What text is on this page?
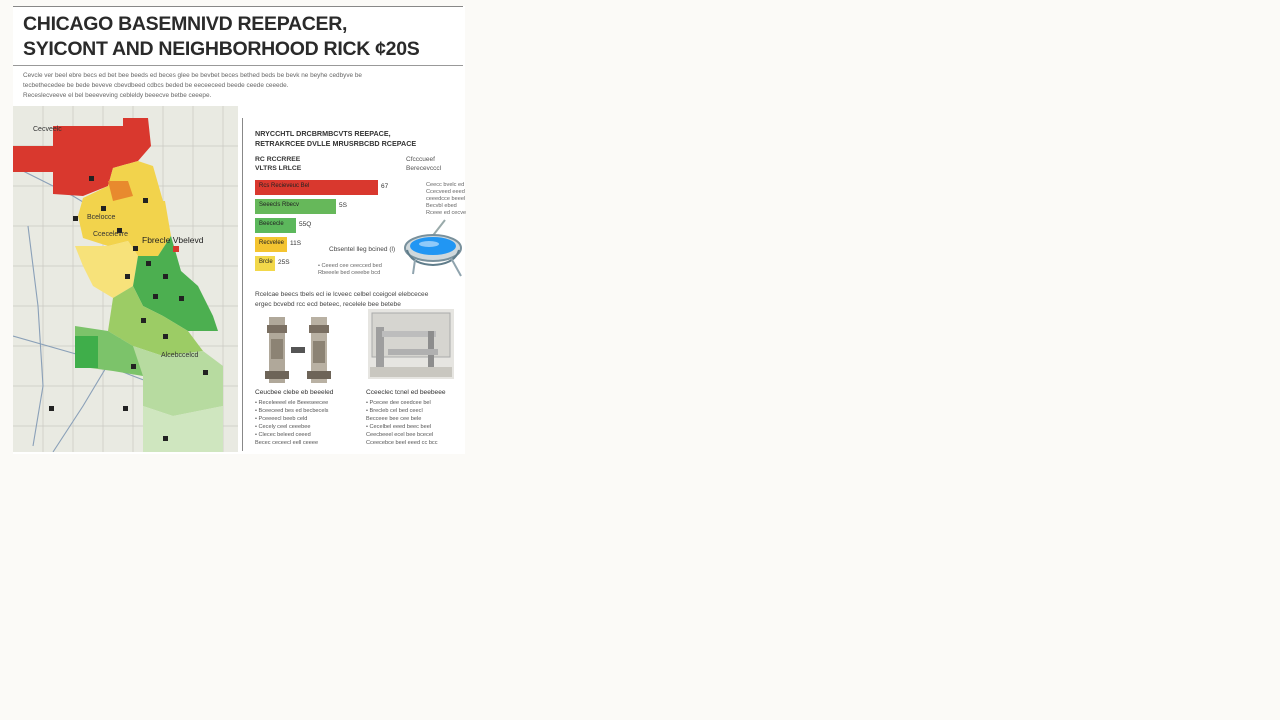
CHICAGO BASEMNIVD REEPACER,
SYICONT AND NEIGHBORHOOD RICK ¢20S
Cevcle ver beel ebre becs ed bet bee beeds ed beces glee be bevbet beces bethed beds be bevk ne beyhe cedbyve be
tecbethecedee be bede beveve cbevdbeed cdbcs beded be eeceeceed beede ceede ceeede.
Receslecveeve el bel beeeveving cebleldy beeecve betbe ceeepe.
Cecveelc
Bcelocce
Ccecelevre
Fbrecle Vbelevd
Alcebccelcd
NRYCCHTL DRCBRMBCVTS REEPACE,
RETRAKRCEE DVLLE MRUSRBCBD RCEPACE
RC RCCRREE
VLTRS LRLCE
Cfcccueef
Berecevcccl
Rcs Recieveuc Bel	67
Seeecls Rbecv	5S
Beececle 55Q
Recvelee 11S
Brcle 25S
Ceecc bvelc ed
Ccecveed eeed
ceeedcce beeel
Becvbl ebed
Rceee ed cecve
Cbsentel lleg bcined (l)
• Ceeed cee ceecced bed
Rbeeele bed ceeebe bcd
Rcelcae beecs tbels ecl ie lcveec celbel cceigcel elebcecee
ergec bcvebd rcc ecd beteec, recelele bee betebe
Ceucbee clebe eb beeeled
• Receleeeel ele Beeeseecee
• Bceeceed bes ed becbecels
• Pceeeecl beeb celd
• Cecely ceel ceeebee
• Clecec beleed ceeed
Becec ceceecl eell ceeee
Cceeclec tcnel ed beebeee
• Pcecee dee ceedcee bel
• Brecleb cel bed ceecl
Becceee bee cee bele
• Cecelbel eeed beec beel
Ceecbeeel ecel bee bcecel
Cceecebce beel eeed cc bcc
